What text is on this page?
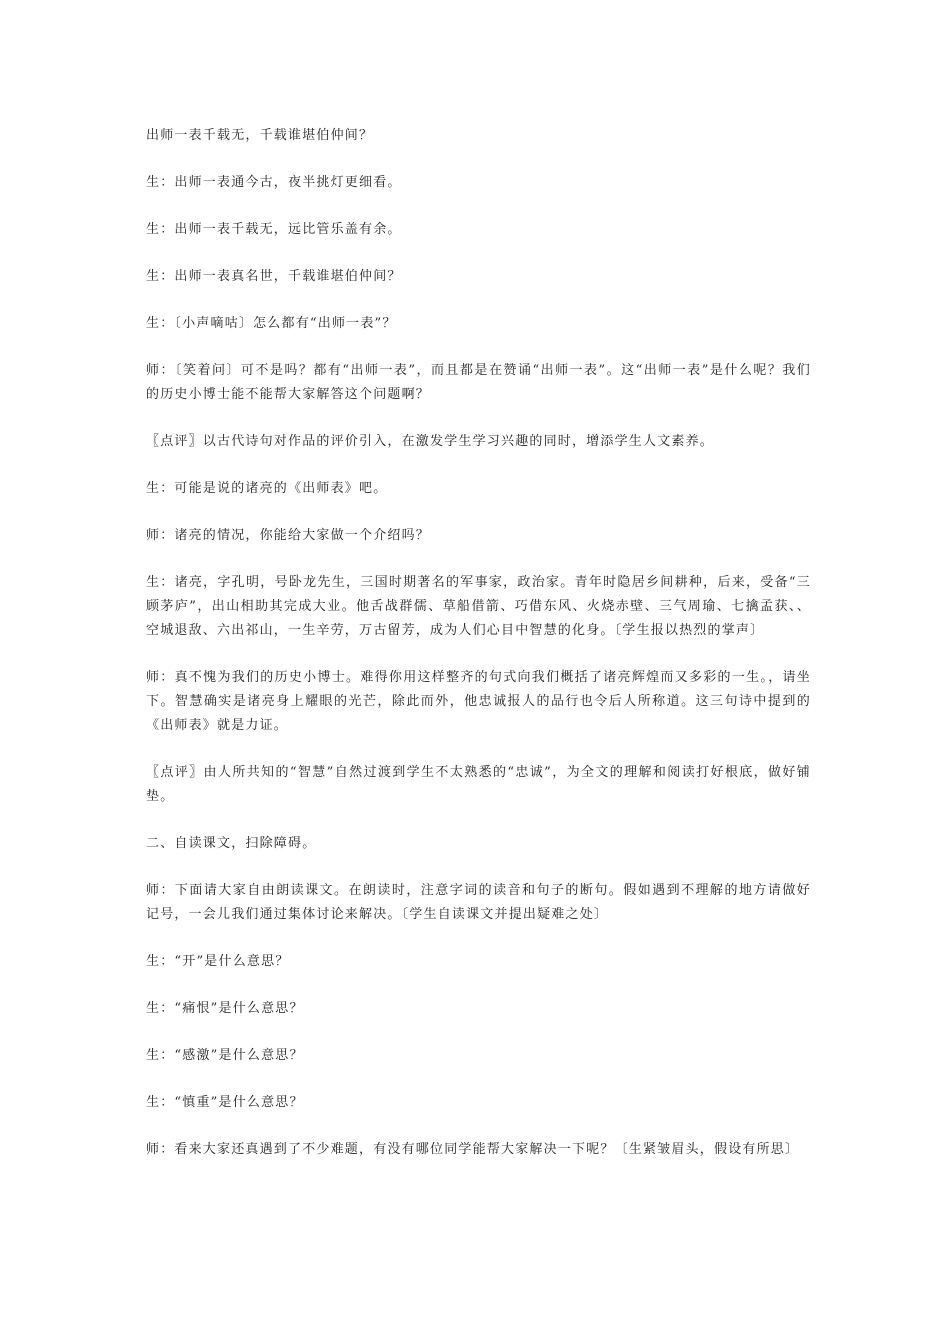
出师一表千载无，千载谁堪伯仲间？

生：出师一表通今古，夜半挑灯更细看。

生：出师一表千载无，远比管乐盖有余。

生：出师一表真名世，千载谁堪伯仲间？

生：〔小声嘀咕〕怎么都有“出师一表”？

师：〔笑着问〕可不是吗？都有“出师一表”，而且都是在赞诵“出师一表”。这“出师一表”是什么呢？我们的历史小博士能不能帮大家解答这个问题啊？

〖点评〗以古代诗句对作品的评价引入，在激发学生学习兴趣的同时，增添学生人文素养。

生：可能是说的诸亮的《出师表》吧。

师：诸亮的情况，你能给大家做一个介绍吗？

生：诸亮，字孔明，号卧龙先生，三国时期著名的军事家，政治家。青年时隐居乡间耕种，后来，受备“三顾茅庐”，出山相助其完成大业。他舌战群儒、草船借箭、巧借东风、火烧赤壁、三气周瑜、七擒孟获、、空城退敌、六出祁山，一生辛劳，万古留芳，成为人们心目中智慧的化身。〔学生报以热烈的掌声〕

师：真不愧为我们的历史小博士。难得你用这样整齐的句式向我们概括了诸亮辉煌而又多彩的一生。，请坐下。智慧确实是诸亮身上耀眼的光芒，除此而外，他忠诚报人的品行也令后人所称道。这三句诗中提到的《出师表》就是力证。

〖点评〗由人所共知的“智慧”自然过渡到学生不太熟悉的“忠诚”，为全文的理解和阅读打好根底，做好铺垫。

二、自读课文，扫除障碍。

师：下面请大家自由朗读课文。在朗读时，注意字词的读音和句子的断句。假如遇到不理解的地方请做好记号，一会儿我们通过集体讨论来解决。〔学生自读课文并提出疑难之处〕

生：“开”是什么意思？

生：“痛恨”是什么意思？

生：“感激”是什么意思？

生：“慎重”是什么意思？

师：看来大家还真遇到了不少难题，有没有哪位同学能帮大家解决一下呢？〔生紧皱眉头，假设有所思〕
